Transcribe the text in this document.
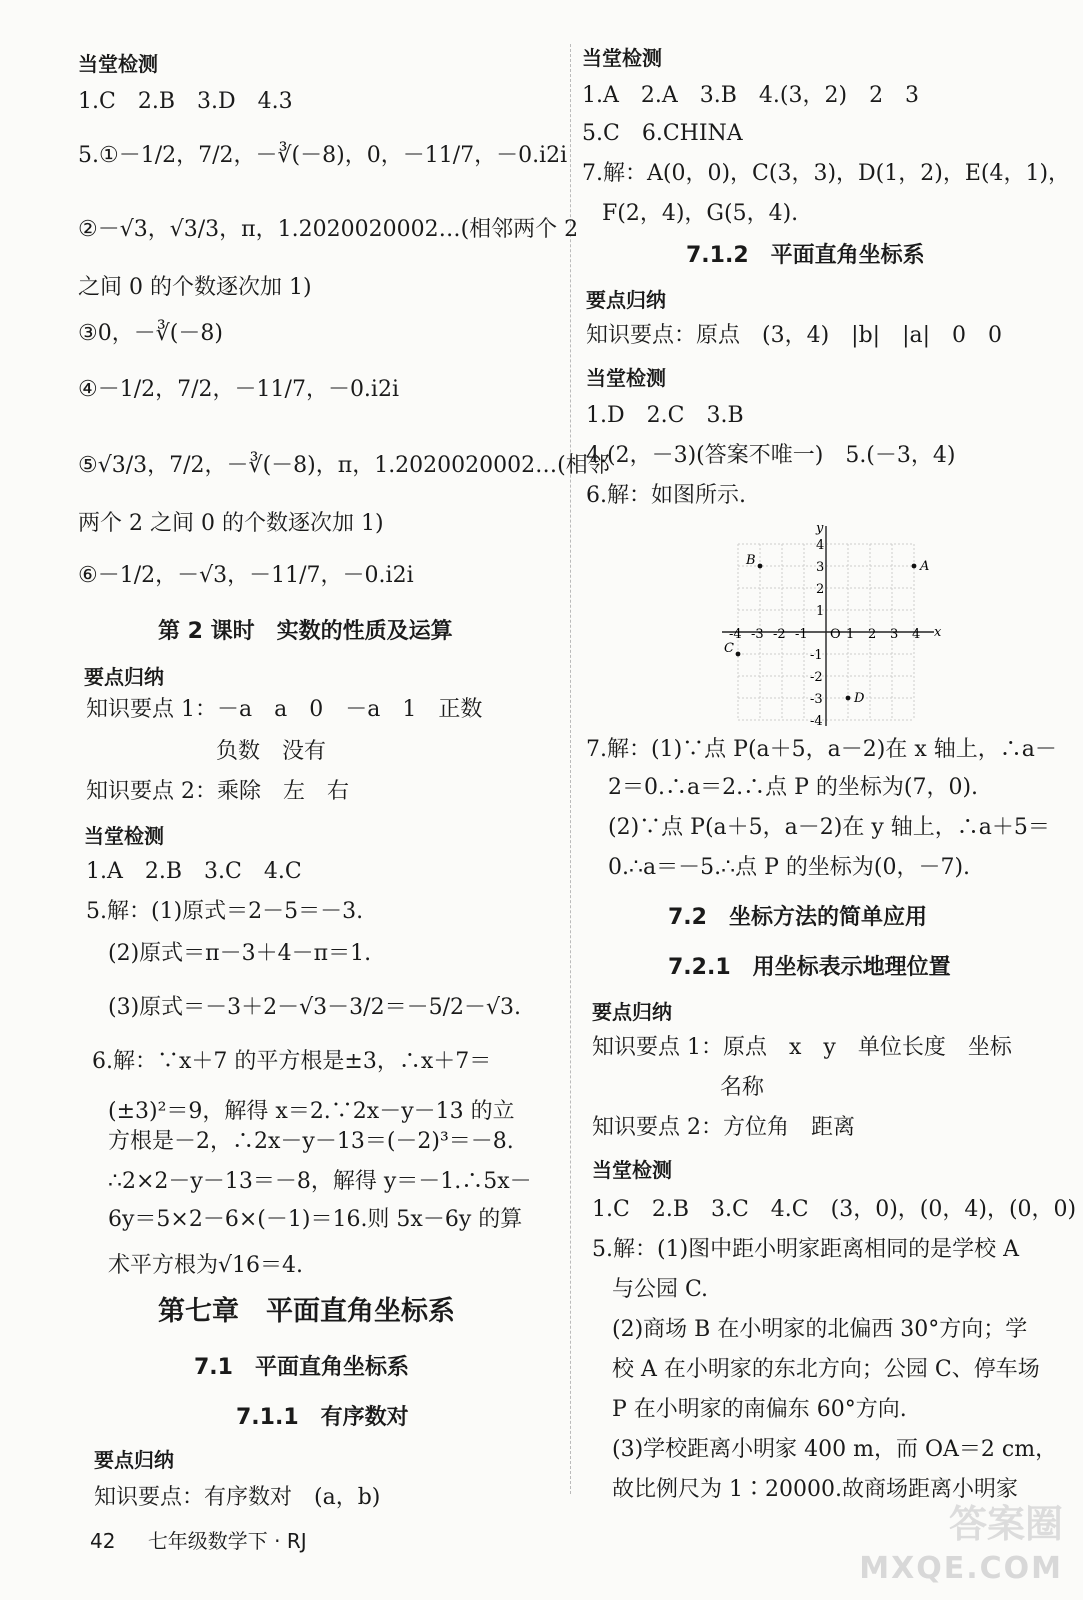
当堂检测
1.C　2.B　3.D　4.3
5.①－1/2，7/2，－∛(－8)，0，－11/7，－0.i2i
②－√3，√3/3，π，1.2020020002…(相邻两个 2
之间 0 的个数逐次加 1)
③0，－∛(－8)
④－1/2，7/2，－11/7，－0.i2i
⑤√3/3，7/2，－∛(－8)，π，1.2020020002…(相邻
两个 2 之间 0 的个数逐次加 1)
⑥－1/2，－√3，－11/7，－0.i2i
第 2 课时　实数的性质及运算
要点归纳
知识要点 1：－a　a　0　－a　1　正数
负数　没有
知识要点 2：乘除　左　右
当堂检测
1.A　2.B　3.C　4.C
5.解：(1)原式＝2－5＝－3.
(2)原式＝π－3＋4－π＝1.
(3)原式＝－3＋2－√3－3/2＝－5/2－√3.
6.解：∵x＋7 的平方根是±3，∴x＋7＝
(±3)²＝9，解得 x＝2.∵2x－y－13 的立
方根是－2，∴2x－y－13＝(－2)³＝－8.
∴2×2－y－13＝－8，解得 y＝－1.∴5x－
6y＝5×2－6×(－1)＝16.则 5x－6y 的算
术平方根为√16＝4.
第七章　平面直角坐标系
7.1　平面直角坐标系
7.1.1　有序数对
要点归纳
知识要点：有序数对　(a，b)
当堂检测
1.A　2.A　3.B　4.(3，2)　2　3
5.C　6.CHINA
7.解：A(0，0)，C(3，3)，D(1，2)，E(4，1)，
F(2，4)，G(5，4).
7.1.2　平面直角坐标系
要点归纳
知识要点：原点　(3，4)　|b|　|a|　0　0
当堂检测
1.D　2.C　3.B
4.(2，－3)(答案不唯一)　5.(－3，4)
6.解：如图所示.
x
y
-4 -3 -2 -1 O 1 2 3 4
4
3
2
1
-1
-2
-3
-4
A
B
C
D
7.解：(1)∵点 P(a＋5，a－2)在 x 轴上，∴a－
2＝0.∴a＝2.∴点 P 的坐标为(7，0).
(2)∵点 P(a＋5，a－2)在 y 轴上，∴a＋5＝
0.∴a＝－5.∴点 P 的坐标为(0，－7).
7.2　坐标方法的简单应用
7.2.1　用坐标表示地理位置
要点归纳
知识要点 1：原点　x　y　单位长度　坐标
名称
知识要点 2：方位角　距离
当堂检测
1.C　2.B　3.C　4.C　(3，0)，(0，4)，(0，0)
5.解：(1)图中距小明家距离相同的是学校 A
与公园 C.
(2)商场 B 在小明家的北偏西 30°方向；学
校 A 在小明家的东北方向；公园 C、停车场
P 在小明家的南偏东 60°方向.
(3)学校距离小明家 400 m，而 OA＝2 cm，
故比例尺为 1∶20000.故商场距离小明家
42 七年级数学下 · RJ	答案圈
MXQE.COM
